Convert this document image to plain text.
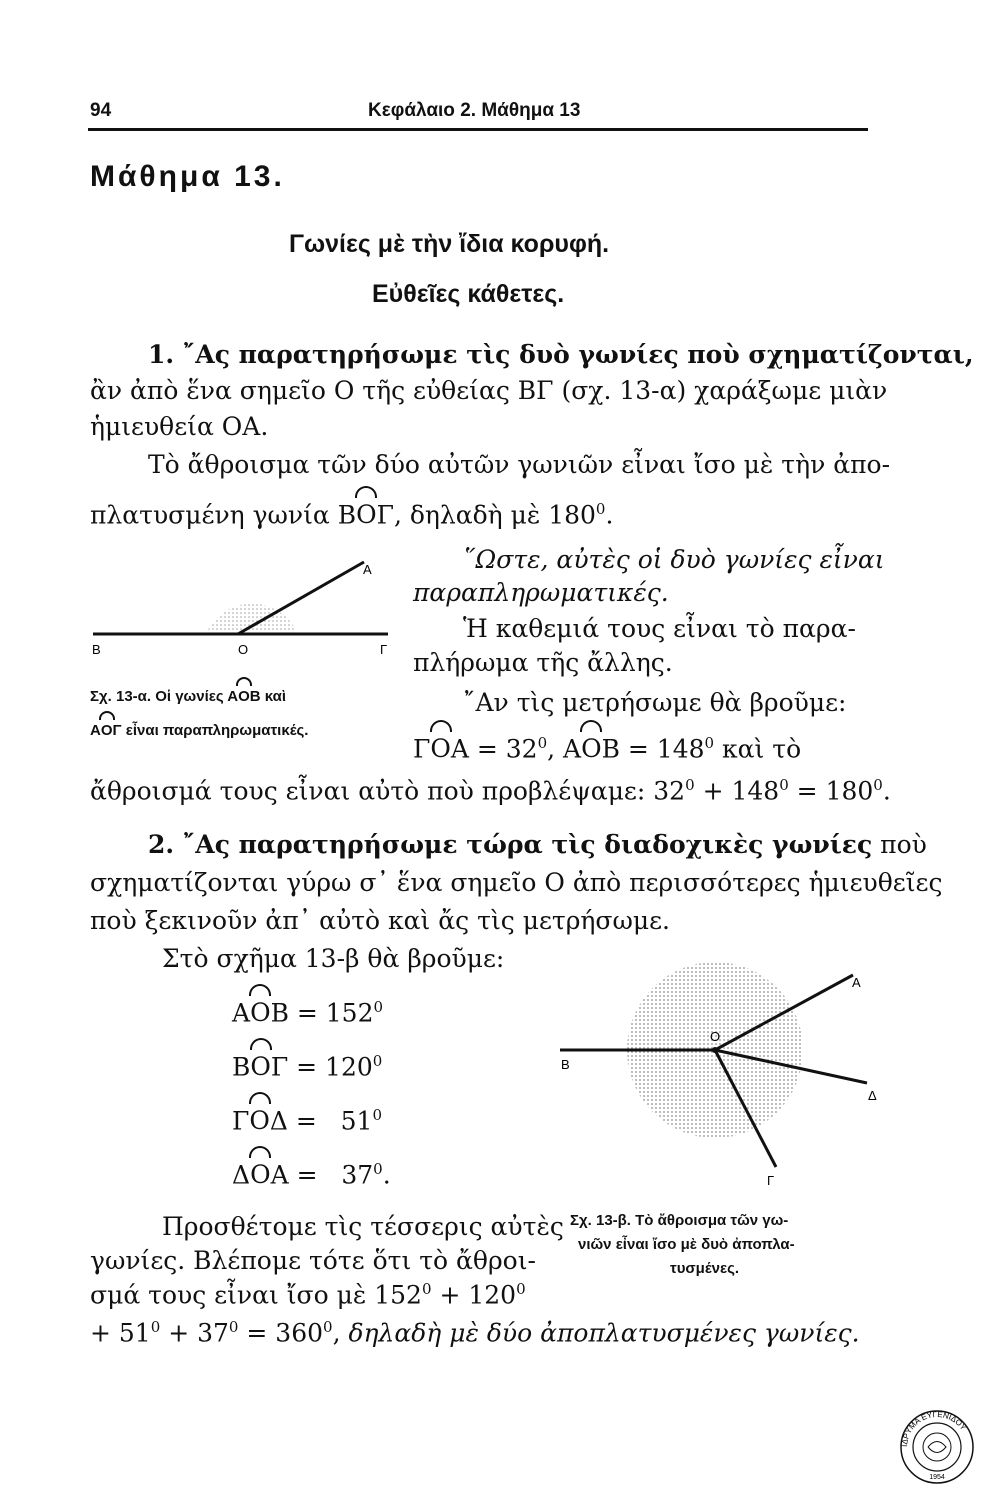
94	Κεφάλαιο 2. Μάθημα 13
Μάθημα 13.
Γωνίες μὲ τὴν ἴδια κορυφή.
Εὐθεῖες κάθετες.
1. ῎Ας παρατηρήσωμε τὶς δυὸ γωνίες ποὺ σχηματίζονται,
ἂν ἀπὸ ἕνα σημεῖο Ο τῆς εὐθείας ΒΓ (σχ. 13-α) χαράξωμε μιὰν
ἡμιευθεία ΟΑ.
Τὸ ἄθροισμα τῶν δύο αὐτῶν γωνιῶν εἶναι ἴσο μὲ τὴν ἀπο-
πλατυσμένη γωνία ΒΟΓ, δηλαδὴ μὲ $180^0$.
῞Ωστε, αὐτὲς οἱ δυὸ γωνίες εἶναι
παραπληρωματικές.
Ἡ καθεμιά τους εἶναι τὸ παρα-
πλήρωμα τῆς ἄλλης.
῎Αν τὶς μετρήσωμε θὰ βροῦμε:
$\Gamma OA = 32^0$, $AOB = 148^0$ καὶ τὸ
ἄθροισμά τους εἶναι αὐτὸ ποὺ προβλέψαμε: $32^0 + 148^0 = 180^0$.
Α
Β	Ο	Γ
Σχ. 13-α. Οἱ γωνίες ΑΟΒ καὶ
ΑΟΓ εἶναι παραπληρωματικές.
2. ῎Ας παρατηρήσωμε τώρα τὶς διαδοχικὲς γωνίες ποὺ
σχηματίζονται γύρω σ᾽ ἕνα σημεῖο Ο ἀπὸ περισσότερες ἡμιευθεῖες
ποὺ ξεκινοῦν ἀπ᾽ αὐτὸ καὶ ἄς τὶς μετρήσωμε.
Στὸ σχῆμα 13-β θὰ βροῦμε:
$AOB = 152^0$
$BO\Gamma = 120^0$
$\Gamma O\Delta = 51^0$
$\Delta OA = 37^0$.
Προσθέτομε τὶς τέσσερις αὐτὲς
γωνίες. Βλέπομε τότε ὅτι τὸ ἄθροι-
σμά τους εἶναι ἴσο μὲ $152^0 + 120^0$
+ $51^0 + 37^0 = 360^0$, δηλαδὴ μὲ δύο ἀποπλατυσμένες γωνίες.
Α
Β
Ο
Δ
Γ
Σχ. 13-β. Τὸ ἄθροισμα τῶν γω-
νιῶν εἶναι ἴσο μὲ δυὸ ἀποπλα-
τυσμένες.
ΙΔΡΥΜΑ ΕΥΓΕΝΙΔΟΥ
1954
